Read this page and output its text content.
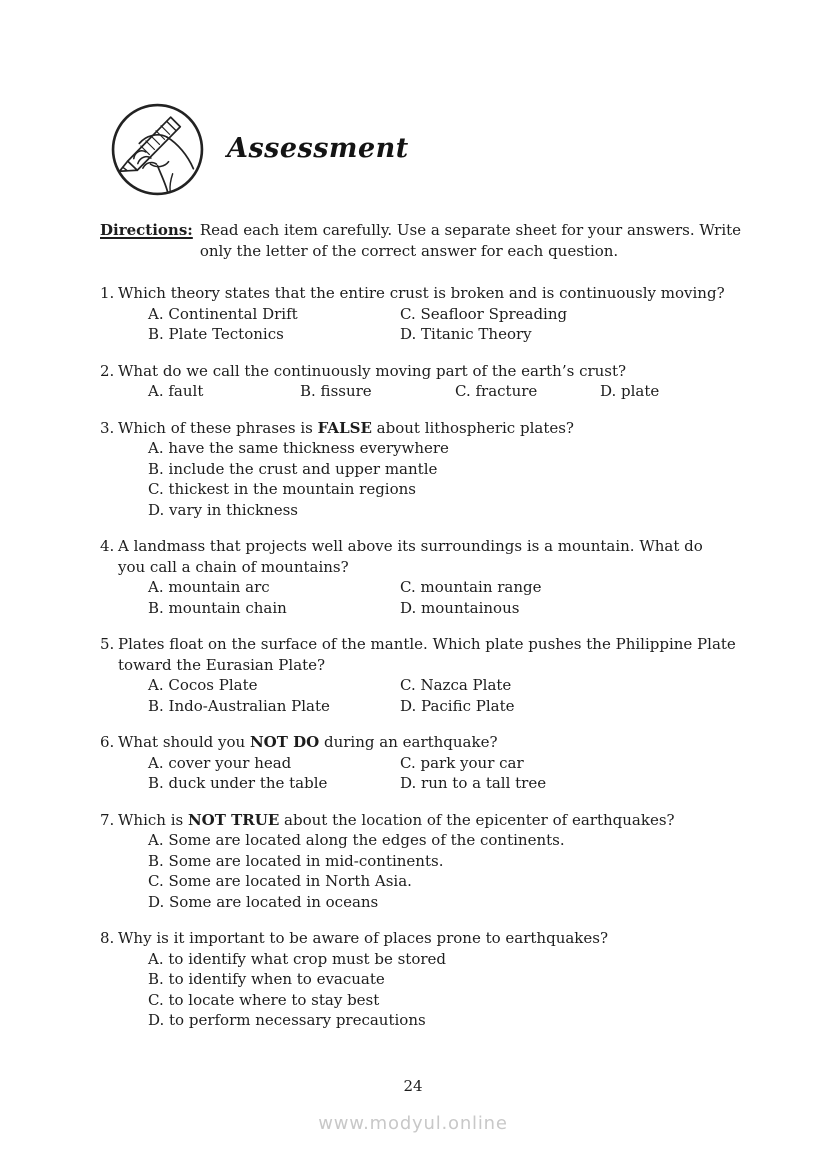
Assessment
Directions: Read each item carefully. Use a separate sheet for your answers. Write
only the letter of the correct answer for each question.
1. Which theory states that the entire crust is broken and is continuously moving?
A. Continental Drift	C. Seafloor Spreading
B. Plate Tectonics	D. Titanic Theory
2. What do we call the continuously moving part of the earth’s crust?
A. fault	B. fissure	C. fracture	D. plate
3. Which of these phrases is FALSE about lithospheric plates?
A. have the same thickness everywhere
B. include the crust and upper mantle
C. thickest in the mountain regions
D. vary in thickness
4. A landmass that projects well above its surroundings is a mountain. What do
you call a chain of mountains?
A. mountain arc	C. mountain range
B. mountain chain	D. mountainous
5. Plates float on the surface of the mantle. Which plate pushes the Philippine Plate
toward the Eurasian Plate?
A. Cocos Plate	C. Nazca Plate
B. Indo-Australian Plate	D. Pacific Plate
6. What should you NOT DO during an earthquake?
A. cover your head	C. park your car
B. duck under the table	D. run to a tall tree
7. Which is NOT TRUE about the location of the epicenter of earthquakes?
A. Some are located along the edges of the continents.
B. Some are located in mid-continents.
C. Some are located in North Asia.
D. Some are located in oceans
8. Why is it important to be aware of places prone to earthquakes?
A. to identify what crop must be stored
B. to identify when to evacuate
C. to locate where to stay best
D. to perform necessary precautions
24
www.modyul.online
